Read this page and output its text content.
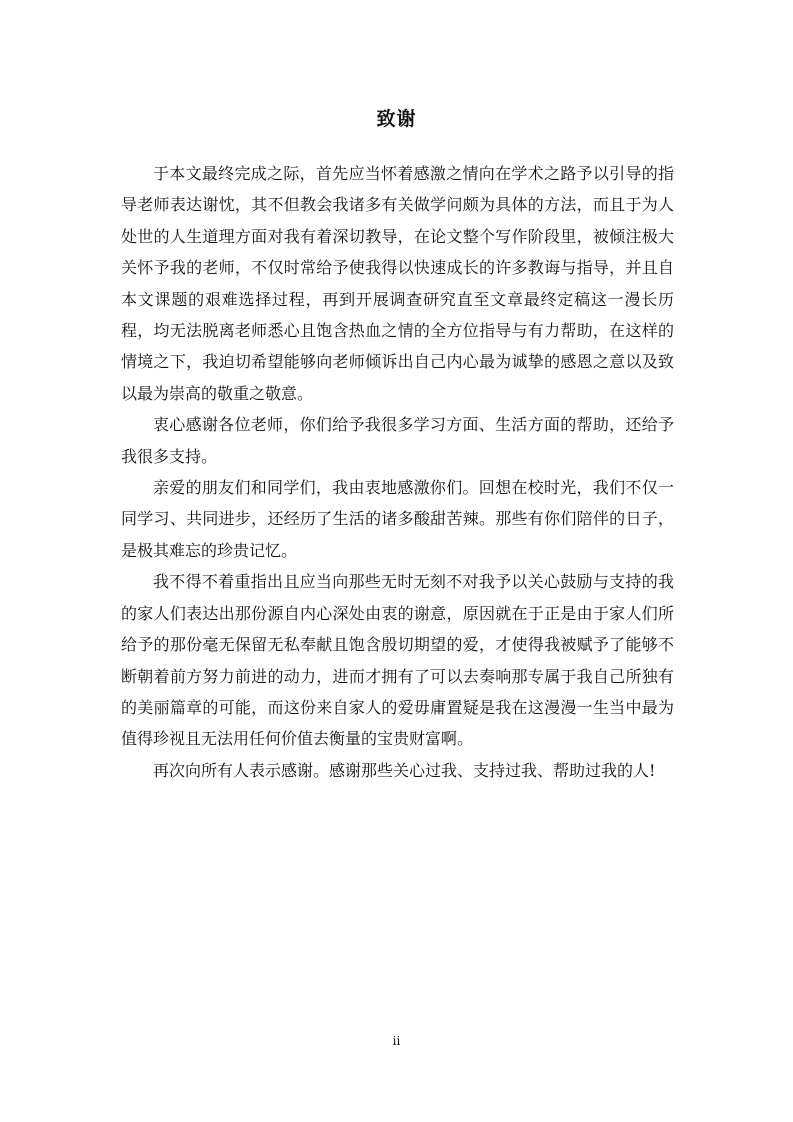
致谢

于本文最终完成之际，首先应当怀着感激之情向在学术之路予以引导的指导老师表达谢忱，其不但教会我诸多有关做学问颇为具体的方法，而且于为人处世的人生道理方面对我有着深切教导，在论文整个写作阶段里，被倾注极大关怀予我的老师，不仅时常给予使我得以快速成长的许多教诲与指导，并且自本文课题的艰难选择过程，再到开展调查研究直至文章最终定稿这一漫长历程，均无法脱离老师悉心且饱含热血之情的全方位指导与有力帮助，在这样的情境之下，我迫切希望能够向老师倾诉出自己内心最为诚挚的感恩之意以及致以最为崇高的敬重之敬意。

衷心感谢各位老师，你们给予我很多学习方面、生活方面的帮助，还给予我很多支持。

亲爱的朋友们和同学们，我由衷地感激你们。回想在校时光，我们不仅一同学习、共同进步，还经历了生活的诸多酸甜苦辣。那些有你们陪伴的日子，是极其难忘的珍贵记忆。

我不得不着重指出且应当向那些无时无刻不对我予以关心鼓励与支持的我的家人们表达出那份源自内心深处由衷的谢意，原因就在于正是由于家人们所给予的那份毫无保留无私奉献且饱含殷切期望的爱，才使得我被赋予了能够不断朝着前方努力前进的动力，进而才拥有了可以去奏响那专属于我自己所独有的美丽篇章的可能，而这份来自家人的爱毋庸置疑是我在这漫漫一生当中最为值得珍视且无法用任何价值去衡量的宝贵财富啊。

再次向所有人表示感谢。感谢那些关心过我、支持过我、帮助过我的人!

ii
